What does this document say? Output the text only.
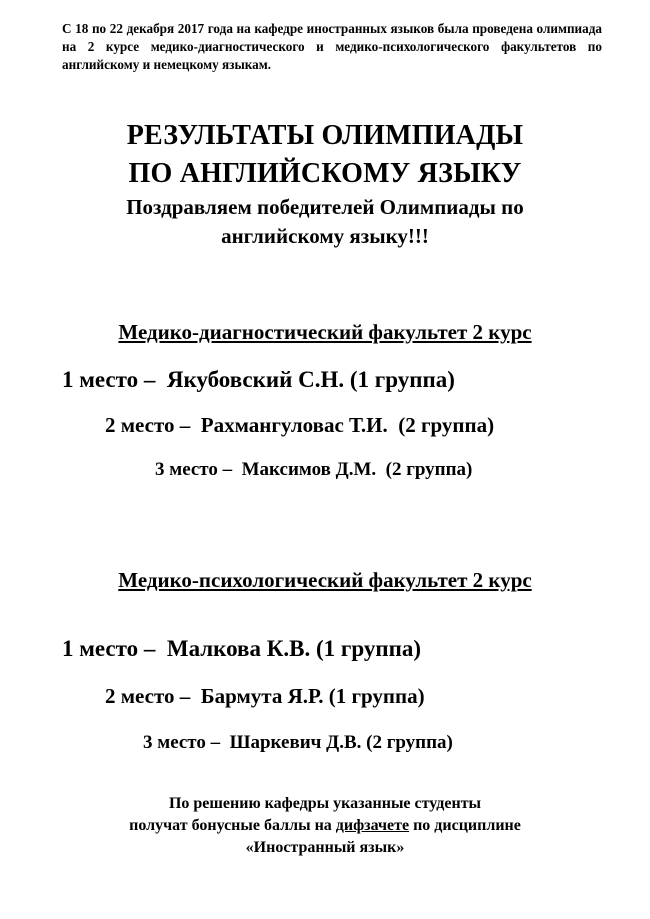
С 18 по 22 декабря 2017 года на кафедре иностранных языков была проведена олимпиада на 2 курсе медико-диагностического и медико-психологического факультетов по английскому и немецкому языкам.
РЕЗУЛЬТАТЫ ОЛИМПИАДЫ
ПО АНГЛИЙСКОМУ ЯЗЫКУ
Поздравляем победителей Олимпиады по
английскому языку!!!
Медико-диагностический факультет 2 курс
1 место –  Якубовский С.Н. (1 группа)
2 место –  Рахмангуловас Т.И.  (2 группа)
3 место –  Максимов Д.М.  (2 группа)
Медико-психологический факультет 2 курс
1 место –  Малкова К.В. (1 группа)
2 место –  Бармута Я.Р. (1 группа)
3 место –  Шаркевич Д.В. (2 группа)
По решению кафедры указанные студенты
получат бонусные баллы на дифзачете по дисциплине
«Иностранный язык»
